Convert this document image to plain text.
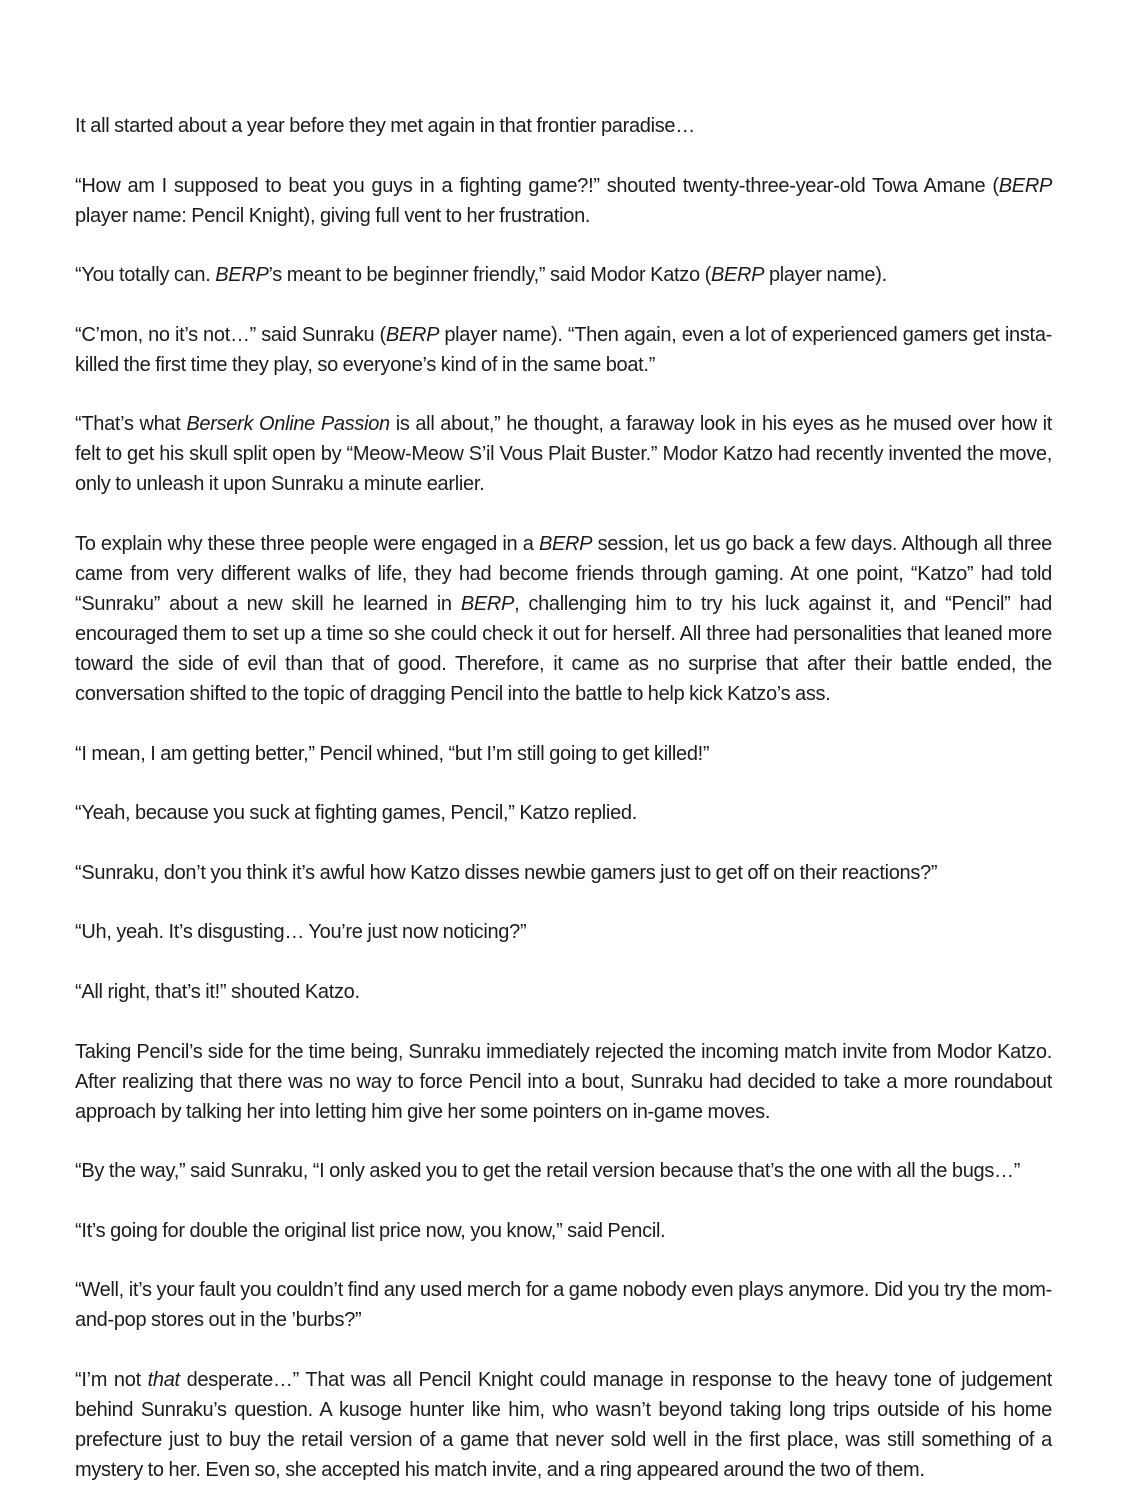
It all started about a year before they met again in that frontier paradise…

“How am I supposed to beat you guys in a fighting game?!” shouted twenty-three-year-old Towa Amane (BERP player name: Pencil Knight), giving full vent to her frustration.

“You totally can. BERP’s meant to be beginner friendly,” said Modor Katzo (BERP player name).

“C’mon, no it’s not…” said Sunraku (BERP player name). “Then again, even a lot of experienced gamers get insta-killed the first time they play, so everyone’s kind of in the same boat.”

“That’s what Berserk Online Passion is all about,” he thought, a faraway look in his eyes as he mused over how it felt to get his skull split open by “Meow-Meow S’il Vous Plait Buster.” Modor Katzo had recently invented the move, only to unleash it upon Sunraku a minute earlier.

To explain why these three people were engaged in a BERP session, let us go back a few days. Although all three came from very different walks of life, they had become friends through gaming. At one point, “Katzo” had told “Sunraku” about a new skill he learned in BERP, challenging him to try his luck against it, and “Pencil” had encouraged them to set up a time so she could check it out for herself. All three had personalities that leaned more toward the side of evil than that of good. Therefore, it came as no surprise that after their battle ended, the conversation shifted to the topic of dragging Pencil into the battle to help kick Katzo’s ass.

“I mean, I am getting better,” Pencil whined, “but I’m still going to get killed!”

“Yeah, because you suck at fighting games, Pencil,” Katzo replied.

“Sunraku, don’t you think it’s awful how Katzo disses newbie gamers just to get off on their reactions?”

“Uh, yeah. It’s disgusting… You’re just now noticing?”

“All right, that’s it!” shouted Katzo.

Taking Pencil’s side for the time being, Sunraku immediately rejected the incoming match invite from Modor Katzo. After realizing that there was no way to force Pencil into a bout, Sunraku had decided to take a more roundabout approach by talking her into letting him give her some pointers on in-game moves.

“By the way,” said Sunraku, “I only asked you to get the retail version because that’s the one with all the bugs…”

“It’s going for double the original list price now, you know,” said Pencil.

“Well, it’s your fault you couldn’t find any used merch for a game nobody even plays anymore. Did you try the mom-and-pop stores out in the ’burbs?”

“I’m not that desperate…” That was all Pencil Knight could manage in response to the heavy tone of judgement behind Sunraku’s question. A kusoge hunter like him, who wasn’t beyond taking long trips outside of his home prefecture just to buy the retail version of a game that never sold well in the first place, was still something of a mystery to her. Even so, she accepted his match invite, and a ring appeared around the two of them.
